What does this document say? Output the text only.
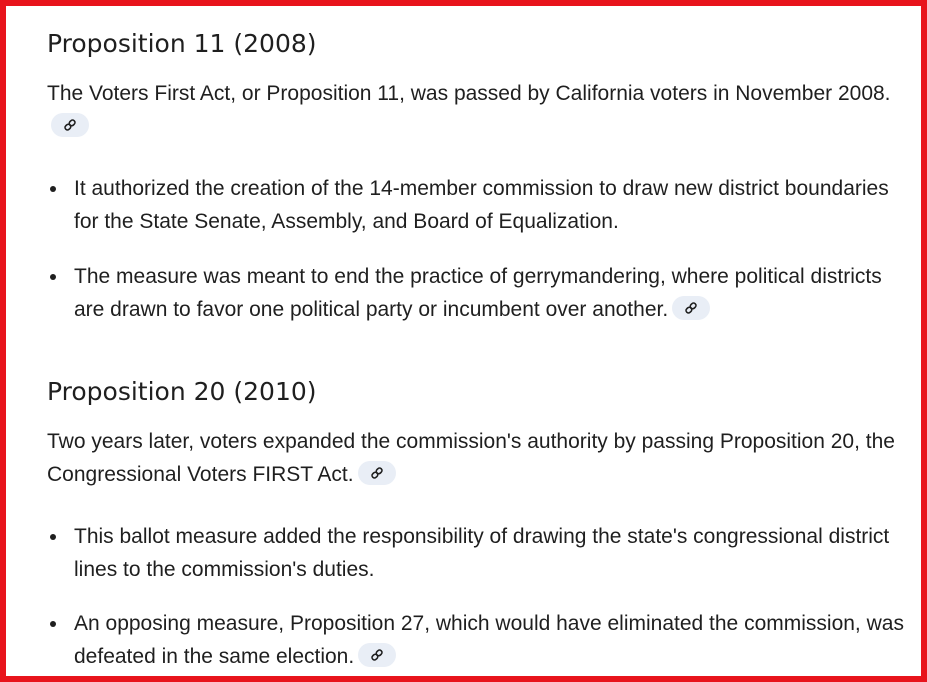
Proposition 11 (2008)

The Voters First Act, or Proposition 11, was passed by California voters in November 2008.

It authorized the creation of the 14-member commission to draw new district boundaries for the State Senate, Assembly, and Board of Equalization.
The measure was meant to end the practice of gerrymandering, where political districts are drawn to favor one political party or incumbent over another.
Proposition 20 (2010)

Two years later, voters expanded the commission's authority by passing Proposition 20, the Congressional Voters FIRST Act.

This ballot measure added the responsibility of drawing the state's congressional district lines to the commission's duties.
An opposing measure, Proposition 27, which would have eliminated the commission, was defeated in the same election.
